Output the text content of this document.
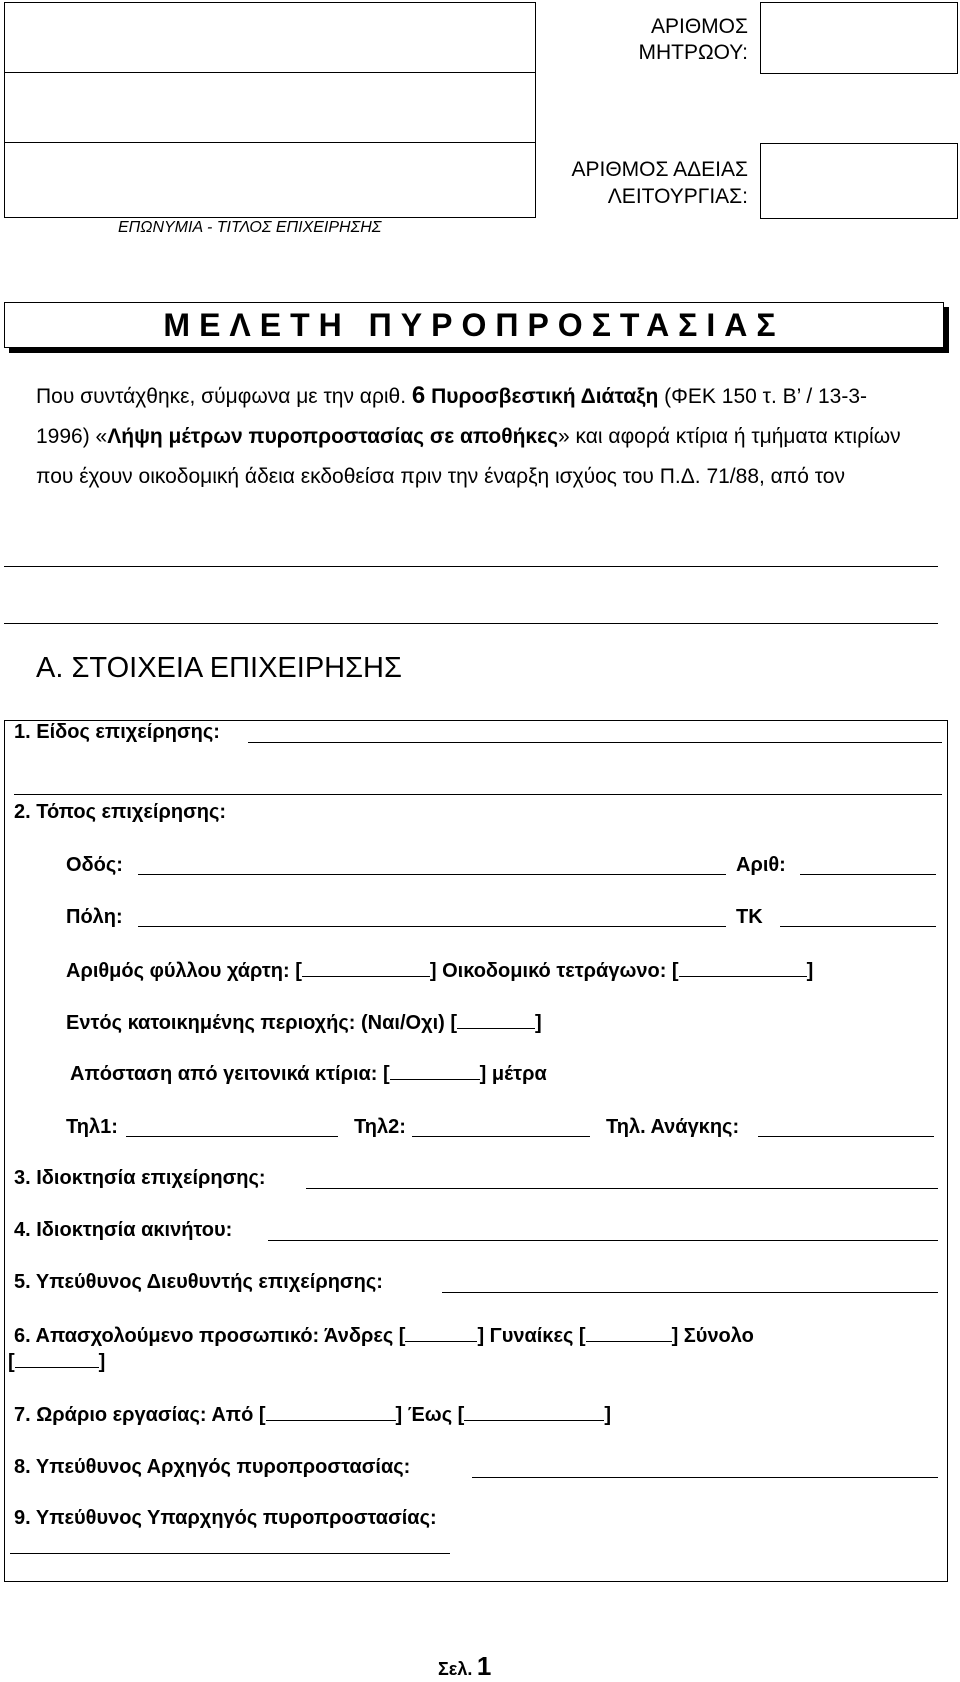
ΕΠΩΝΥΜΙΑ - ΤΙΤΛΟΣ ΕΠΙΧΕΙΡΗΣΗΣ
ΑΡΙΘΜΟΣ
ΜΗΤΡΩΟΥ:
ΑΡΙΘΜΟΣ ΑΔΕΙΑΣ
ΛΕΙΤΟΥΡΓΙΑΣ:
ΜΕΛΕΤΗ ΠΥΡΟΠΡΟΣΤΑΣΙΑΣ
Που συντάχθηκε, σύμφωνα με την αριθ. 6 Πυροσβεστική Διάταξη (ΦΕΚ 150 τ. Β’ / 13-3-1996) «Λήψη μέτρων πυροπροστασίας σε αποθήκες» και αφορά κτίρια ή τμήματα κτιρίων που έχουν οικοδομική άδεια εκδοθείσα πριν την έναρξη ισχύος του Π.Δ. 71/88, από τον
Α. ΣΤΟΙΧΕΙΑ ΕΠΙΧΕΙΡΗΣΗΣ
1. Είδος επιχείρησης:
2. Τόπος επιχείρησης:
Οδός:	Αριθ:
Πόλη:	ΤΚ
Αριθμός φύλλου χάρτη: [	] Οικοδομικό τετράγωνο: [	]
Εντός κατοικημένης περιοχής: (Ναι/Οχι) [	]
Απόσταση από γειτονικά κτίρια: [	] μέτρα
Τηλ1:	Τηλ2:	Τηλ. Ανάγκης:
3. Ιδιοκτησία επιχείρησης:
4. Ιδιοκτησία ακινήτου:
5. Υπεύθυνος Διευθυντής επιχείρησης:
6. Απασχολούμενο προσωπικό: Άνδρες [	] Γυναίκες [	] Σύνολο
[	]
7. Ωράριο εργασίας: Από [	] Έως [	]
8. Υπεύθυνος Αρχηγός πυροπροστασίας:
9. Υπεύθυνος Υπαρχηγός πυροπροστασίας:
Σελ. 1
